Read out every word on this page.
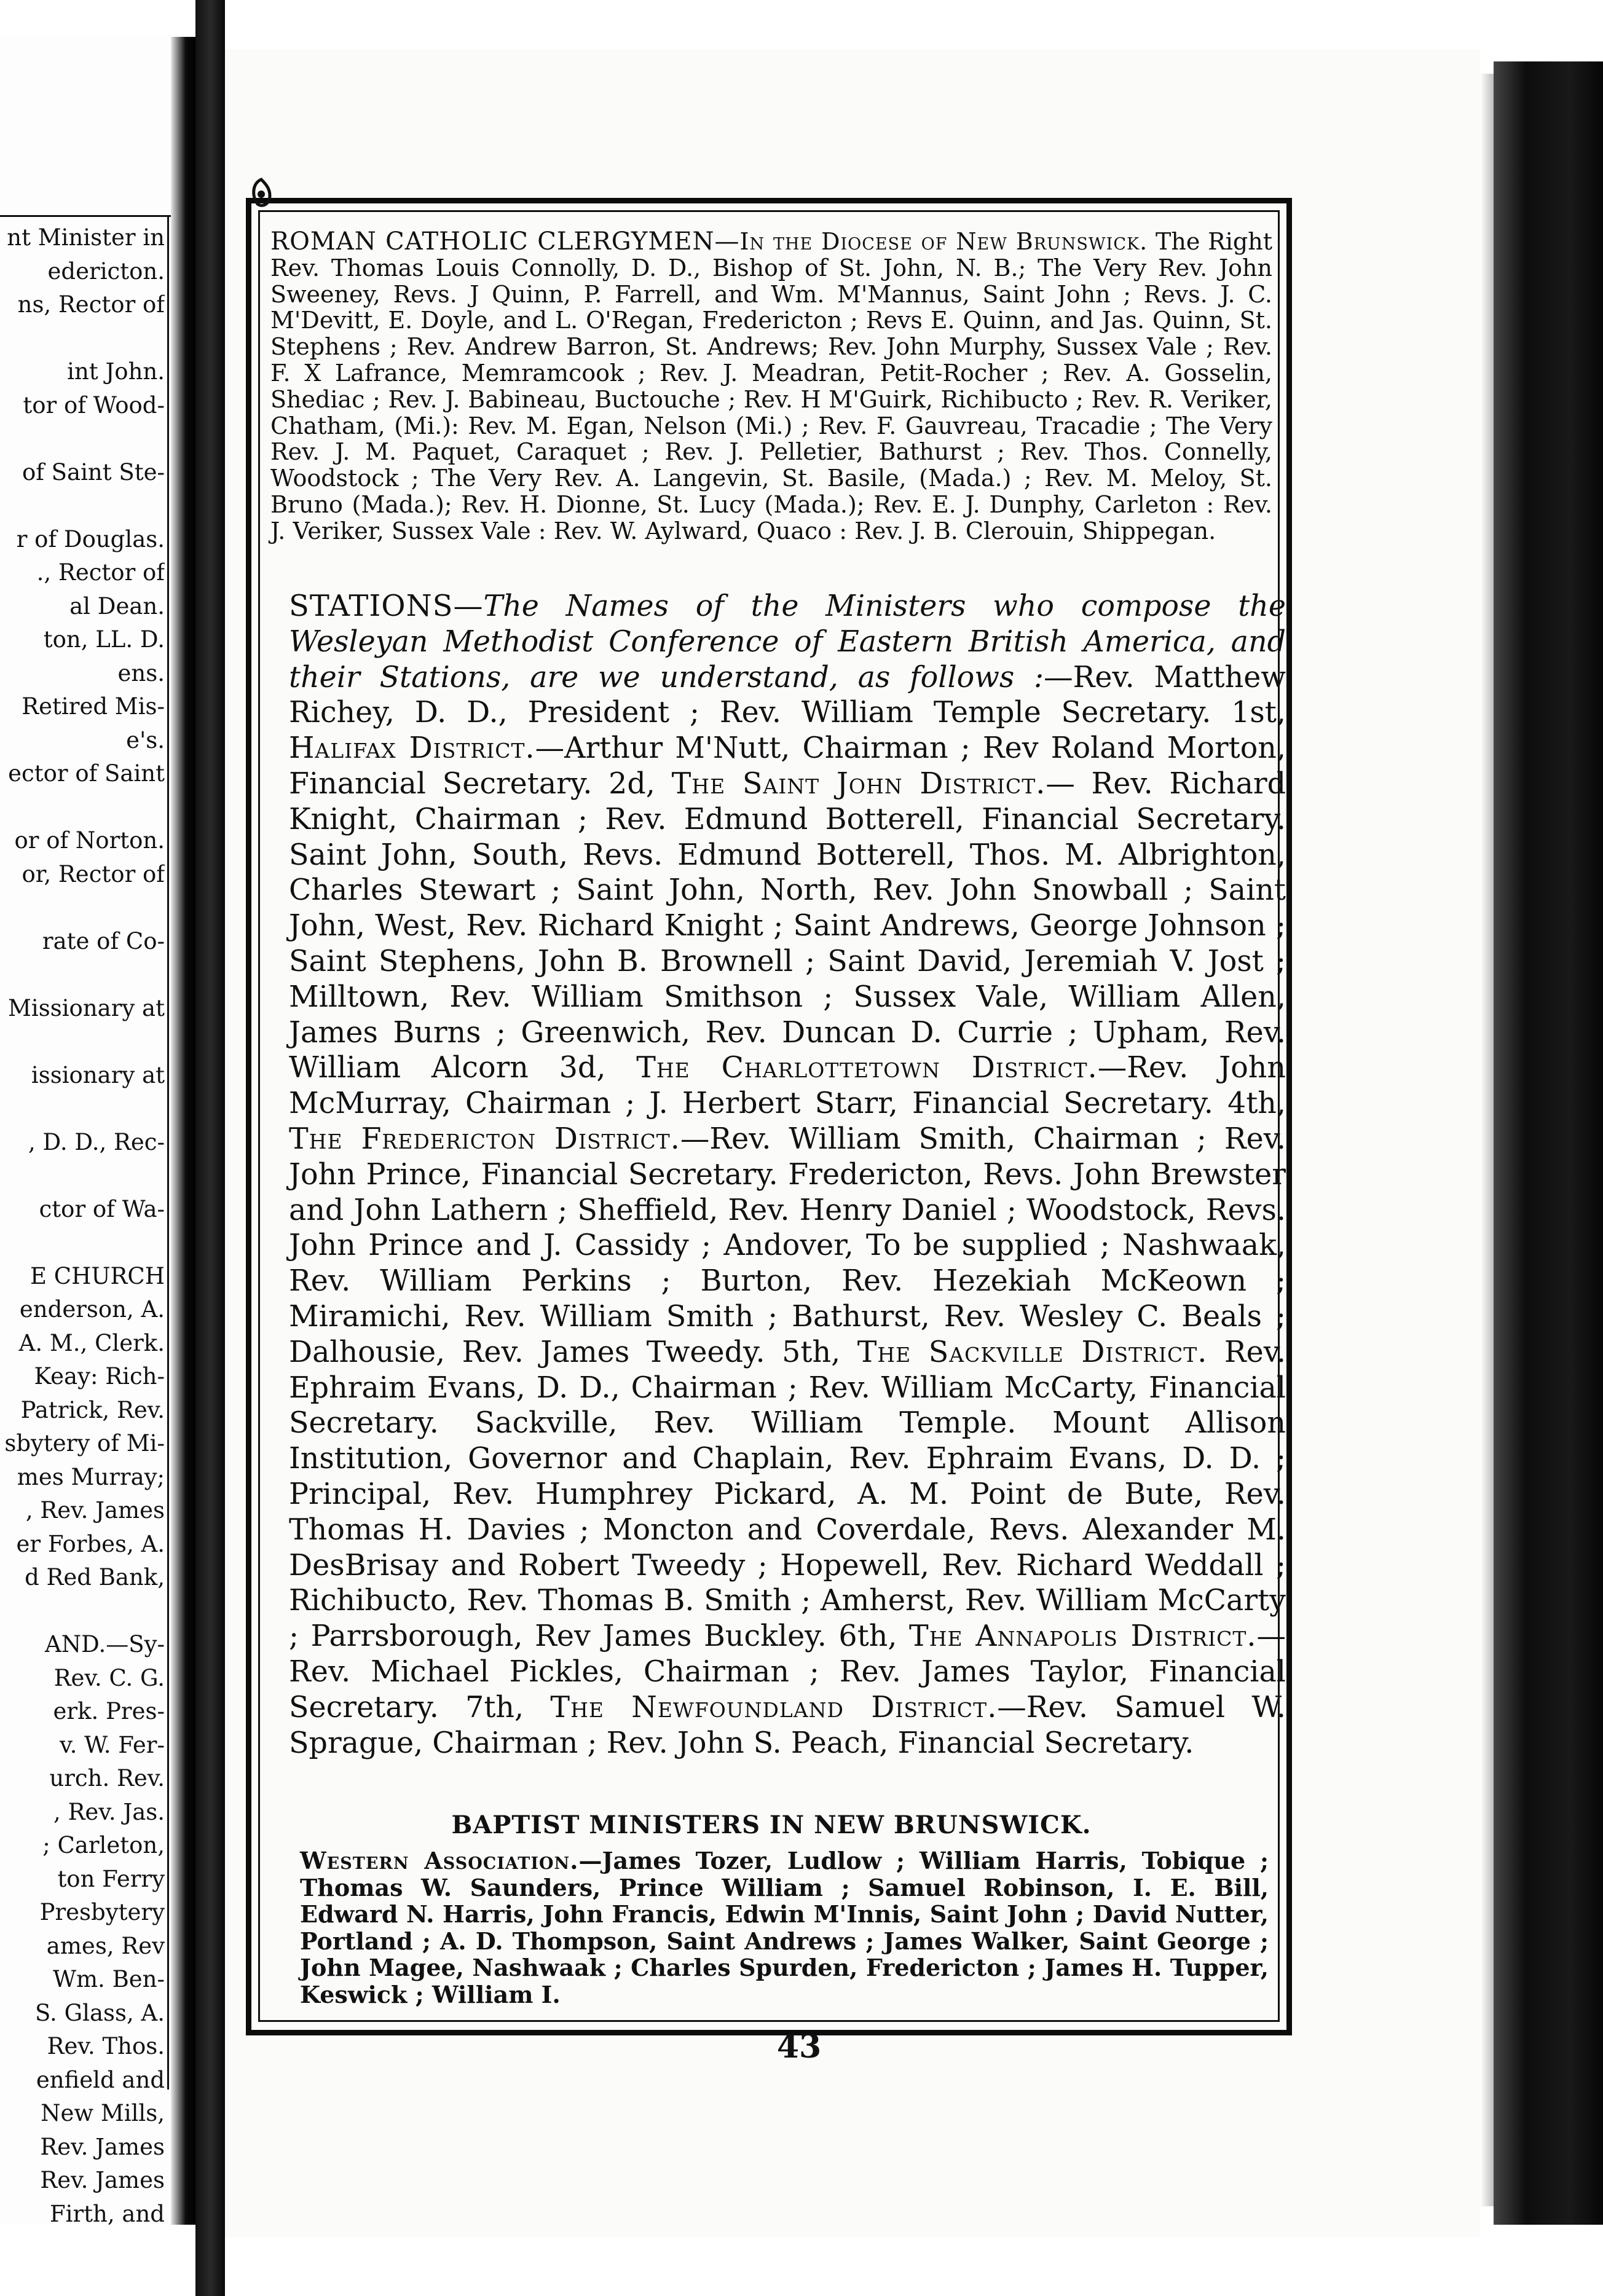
nt Minister in
edericton.
ns, Rector of
int John.
tor of Wood-
of Saint Ste-
r of Douglas.
., Rector of
al Dean.
ton, LL. D.
ens.
Retired Mis-
e's.
ector of Saint
or of Norton.
or, Rector of
rate of Co-
Missionary at
issionary at
, D. D., Rec-
ctor of Wa-
E CHURCH
enderson, A.
A. M., Clerk.
Keay: Rich-
Patrick, Rev.
sbytery of Mi-
mes Murray;
, Rev. James
er Forbes, A.
d Red Bank,
AND.—Sy-
Rev. C. G.
erk. Pres-
v. W. Fer-
urch. Rev.
, Rev. Jas.
; Carleton,
ton Ferry
Presbytery
ames, Rev
Wm. Ben-
S. Glass, A.
Rev. Thos.
enfield and
New Mills,
Rev. James
Rev. James
Firth, and

ROMAN CATHOLIC CLERGYMEN—In the Diocese of New Brunswick. The Right Rev. Thomas Louis Connolly, D. D., Bishop of St. John, N. B.; The Very Rev. John Sweeney, Revs. J Quinn, P. Farrell, and Wm. M'Mannus, Saint John ; Revs. J. C. M'Devitt, E. Doyle, and L. O'Regan, Fredericton ; Revs E. Quinn, and Jas. Quinn, St. Stephens ; Rev. Andrew Barron, St. Andrews; Rev. John Murphy, Sussex Vale ; Rev. F. X Lafrance, Memramcook ; Rev. J. Meadran, Petit-Rocher ; Rev. A. Gosselin, Shediac ; Rev. J. Babineau, Buctouche ; Rev. H M'Guirk, Richibucto ; Rev. R. Veriker, Chatham, (Mi.): Rev. M. Egan, Nelson (Mi.) ; Rev. F. Gauvreau, Tracadie ; The Very Rev. J. M. Paquet, Caraquet ; Rev. J. Pelletier, Bathurst ; Rev. Thos. Connelly, Woodstock ; The Very Rev. A. Langevin, St. Basile, (Mada.) ; Rev. M. Meloy, St. Bruno (Mada.); Rev. H. Dionne, St. Lucy (Mada.); Rev. E. J. Dunphy, Carleton : Rev. J. Veriker, Sussex Vale : Rev. W. Aylward, Quaco : Rev. J. B. Clerouin, Shippegan.

STATIONS—The Names of the Ministers who compose the Wesleyan Methodist Conference of Eastern British America, and their Stations, are we understand, as follows :—Rev. Matthew Richey, D. D., President ; Rev. William Temple Secretary. 1st, Halifax District.—Arthur M'Nutt, Chairman ; Rev Roland Morton, Financial Secretary. 2d, The Saint John District.— Rev. Richard Knight, Chairman ; Rev. Edmund Botterell, Financial Secretary. Saint John, South, Revs. Edmund Botterell, Thos. M. Albrighton, Charles Stewart ; Saint John, North, Rev. John Snowball ; Saint John, West, Rev. Richard Knight ; Saint Andrews, George Johnson ; Saint Stephens, John B. Brownell ; Saint David, Jeremiah V. Jost ; Milltown, Rev. William Smithson ; Sussex Vale, William Allen, James Burns ; Greenwich, Rev. Duncan D. Currie ; Upham, Rev. William Alcorn 3d, The Charlottetown District.—Rev. John McMurray, Chairman ; J. Herbert Starr, Financial Secretary. 4th, The Fredericton District.—Rev. William Smith, Chairman ; Rev. John Prince, Financial Secretary. Fredericton, Revs. John Brewster and John Lathern ; Sheffield, Rev. Henry Daniel ; Woodstock, Revs. John Prince and J. Cassidy ; Andover, To be supplied ; Nashwaak, Rev. William Perkins ; Burton, Rev. Hezekiah McKeown ; Miramichi, Rev. William Smith ; Bathurst, Rev. Wesley C. Beals ; Dalhousie, Rev. James Tweedy. 5th, The Sackville District. Rev. Ephraim Evans, D. D., Chairman ; Rev. William McCarty, Financial Secretary. Sackville, Rev. William Temple. Mount Allison Institution, Governor and Chaplain, Rev. Ephraim Evans, D. D. ; Principal, Rev. Humphrey Pickard, A. M. Point de Bute, Rev. Thomas H. Davies ; Moncton and Coverdale, Revs. Alexander M. DesBrisay and Robert Tweedy ; Hopewell, Rev. Richard Weddall ; Richibucto, Rev. Thomas B. Smith ; Amherst, Rev. William McCarty ; Parrsborough, Rev James Buckley. 6th, The Annapolis District.—Rev. Michael Pickles, Chairman ; Rev. James Taylor, Financial Secretary. 7th, The Newfoundland District.—Rev. Samuel W. Sprague, Chairman ; Rev. John S. Peach, Financial Secretary.

BAPTIST MINISTERS IN NEW BRUNSWICK.

Western Association.—James Tozer, Ludlow ; William Harris, Tobique ; Thomas W. Saunders, Prince William ; Samuel Robinson, I. E. Bill, Edward N. Harris, John Francis, Edwin M'Innis, Saint John ; David Nutter, Portland ; A. D. Thompson, Saint Andrews ; James Walker, Saint George ; John Magee, Nashwaak ; Charles Spurden, Fredericton ; James H. Tupper, Keswick ; William I.

43
